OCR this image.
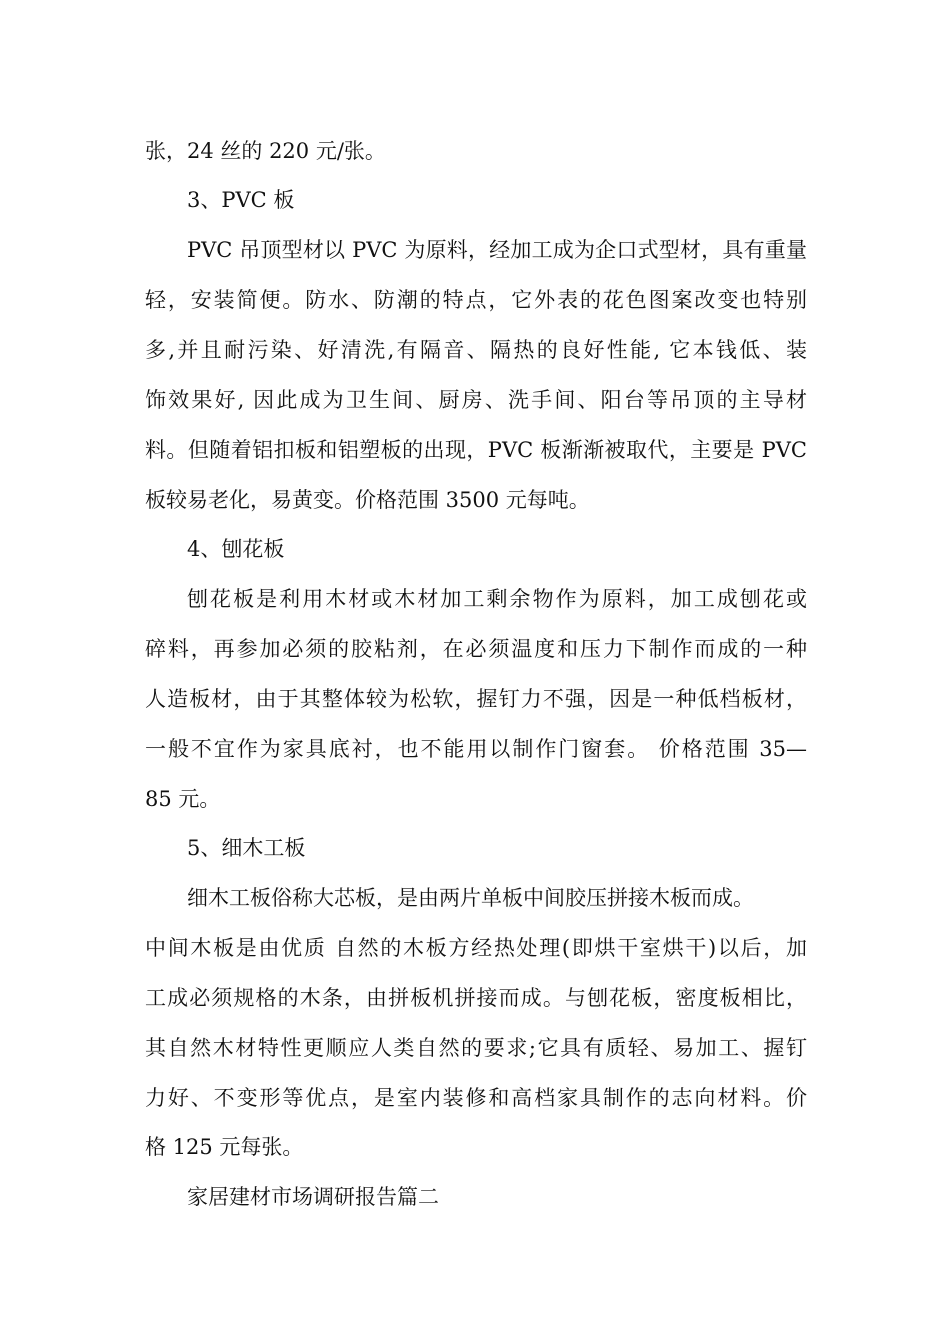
张，24 丝的 220 元/张。
3、PVC 板
PVC 吊顶型材以 PVC 为原料，经加工成为企口式型材，具有重量
轻，安装简便。防水、防潮的特点，它外表的花色图案改变也特别
多,并且耐污染、好清洗,有隔音、隔热的良好性能, 它本钱低、装
饰效果好, 因此成为卫生间、厨房、洗手间、阳台等吊顶的主导材
料。但随着铝扣板和铝塑板的出现，PVC 板渐渐被取代，主要是 PVC
板较易老化，易黄变。价格范围 3500 元每吨。
4、刨花板
刨花板是利用木材或木材加工剩余物作为原料，加工成刨花或
碎料，再参加必须的胶粘剂，在必须温度和压力下制作而成的一种
人造板材，由于其整体较为松软，握钉力不强，因是一种低档板材，
一般不宜作为家具底衬，也不能用以制作门窗套。 价格范围 35—
85 元。
5、细木工板
细木工板俗称大芯板，是由两片单板中间胶压拼接木板而成。
中间木板是由优质 自然的木板方经热处理(即烘干室烘干)以后，加
工成必须规格的木条，由拼板机拼接而成。与刨花板，密度板相比，
其自然木材特性更顺应人类自然的要求;它具有质轻、易加工、握钉
力好、不变形等优点，是室内装修和高档家具制作的志向材料。价
格 125 元每张。
家居建材市场调研报告篇二
